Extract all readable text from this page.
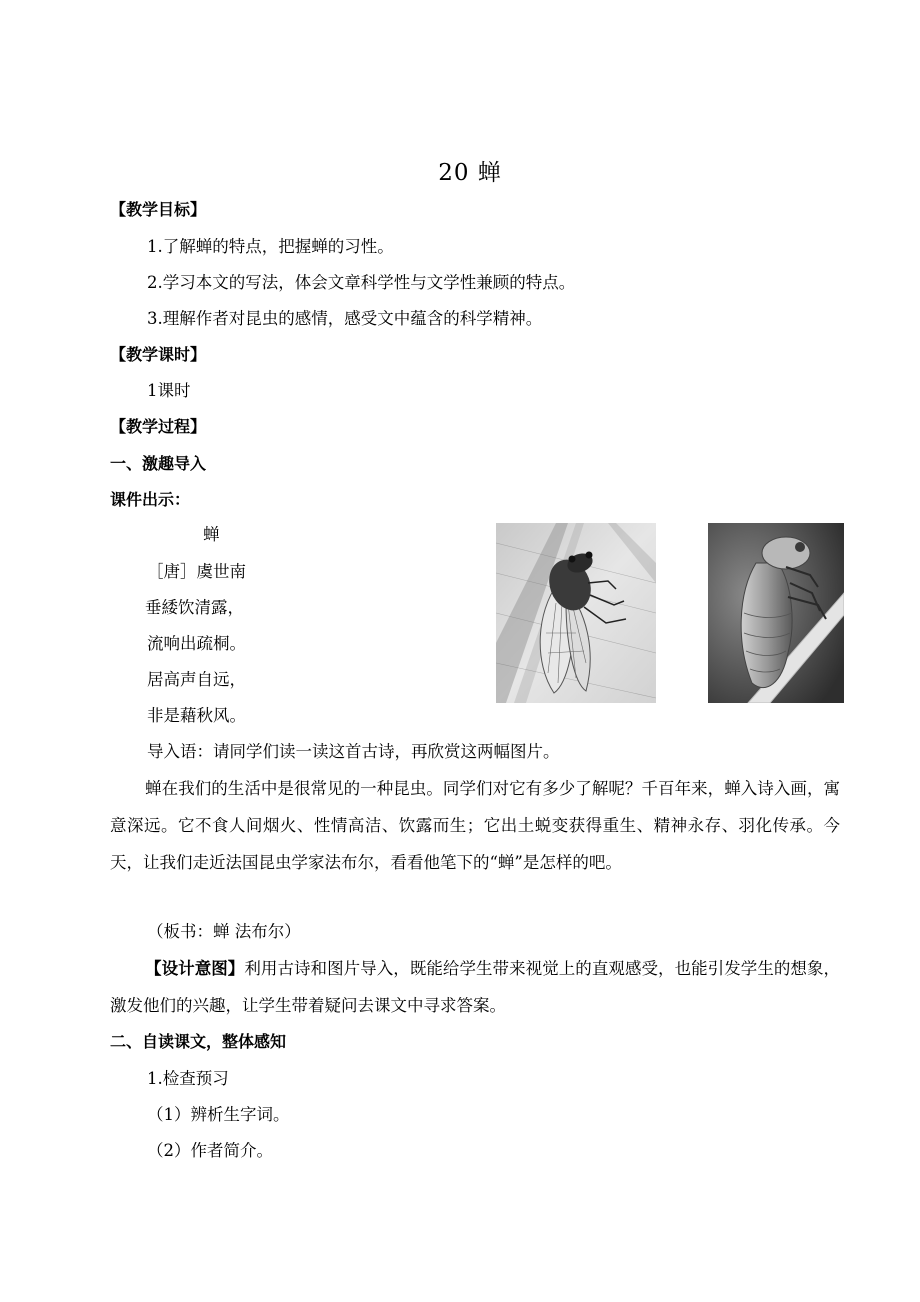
20 蝉
【教学目标】
1.了解蝉的特点，把握蝉的习性。
2.学习本文的写法，体会文章科学性与文学性兼顾的特点。
3.理解作者对昆虫的感情，感受文中蕴含的科学精神。
【教学课时】
1课时
【教学过程】
一、激趣导入
课件出示：
蝉
［唐］虞世南
垂緌饮清露，
流响出疏桐。
居高声自远，
非是藉秋风。
导入语：请同学们读一读这首古诗，再欣赏这两幅图片。
蝉在我们的生活中是很常见的一种昆虫。同学们对它有多少了解呢？千百年来，蝉入诗入画，寓意深远。它不食人间烟火、性情高洁、饮露而生；它出土蜕变获得重生、精神永存、羽化传承。今天，让我们走近法国昆虫学家法布尔，看看他笔下的“蝉”是怎样的吧。
（板书：蝉 法布尔）
【设计意图】利用古诗和图片导入，既能给学生带来视觉上的直观感受，也能引发学生的想象，激发他们的兴趣，让学生带着疑问去课文中寻求答案。
二、自读课文，整体感知
1.检查预习
（1）辨析生字词。
（2）作者简介。
